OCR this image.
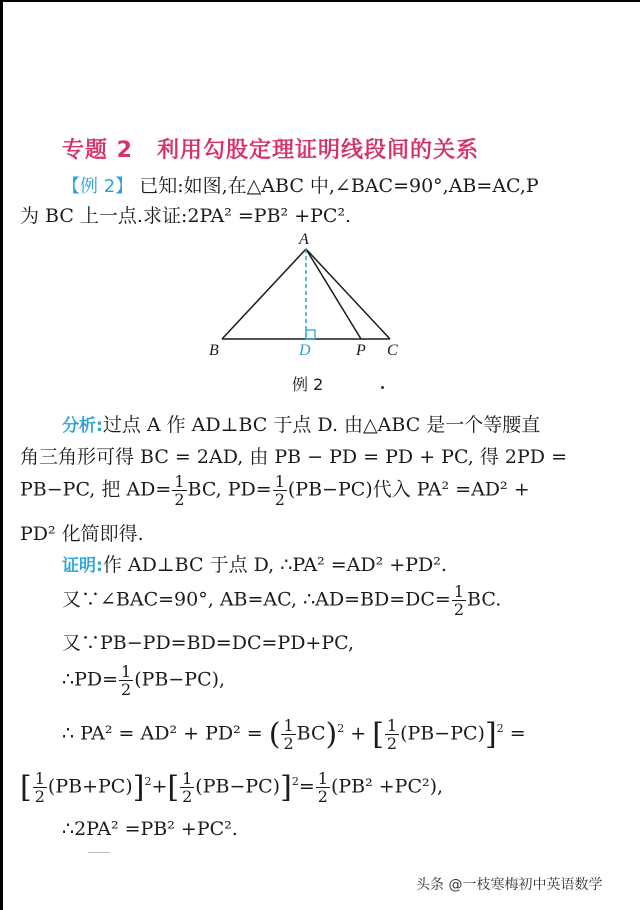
专题 2 利用勾股定理证明线段间的关系
【例 2】 已知:如图,在△ABC 中,∠BAC=90°,AB=AC,P
为 BC 上一点.求证:2PA² =PB² +PC².
A
B	D	P C
例 2
分析:过点 A 作 AD⊥BC 于点 D. 由△ABC 是一个等腰直
角三角形可得 BC = 2AD, 由 PB − PD = PD + PC, 得 2PD =
PB−PC, 把 $AD= \frac{1}{2}$ BC, $PD= \frac{1}{2} (PB-PC)$代入 PA² =AD² +
PD² 化简即得.
证明:作 AD⊥BC 于点 D, ∴PA² =AD² +PD².
又∵∠BAC=90°, AB=AC, ∴AD=BD=DC= $\frac{1}{2}$ BC.
又∵PB−PD=BD=DC=PD+PC,
∴PD= $\frac{1}{2} (PB-PC)$,
∴ PA² = AD² + PD² = ( $\frac{1}{2} BC)^2$ + [ $\frac{1}{2} (PB-PC)]^2$ =
[ $\frac{1}{2} (PB+PC)]^2+[ \frac{1}{2} (PB-PC)]^2= \frac{1}{2} (PB^2 +PC^2)$,
∴2PA² =PB² +PC².
头条 @一枝寒梅初中英语数学
